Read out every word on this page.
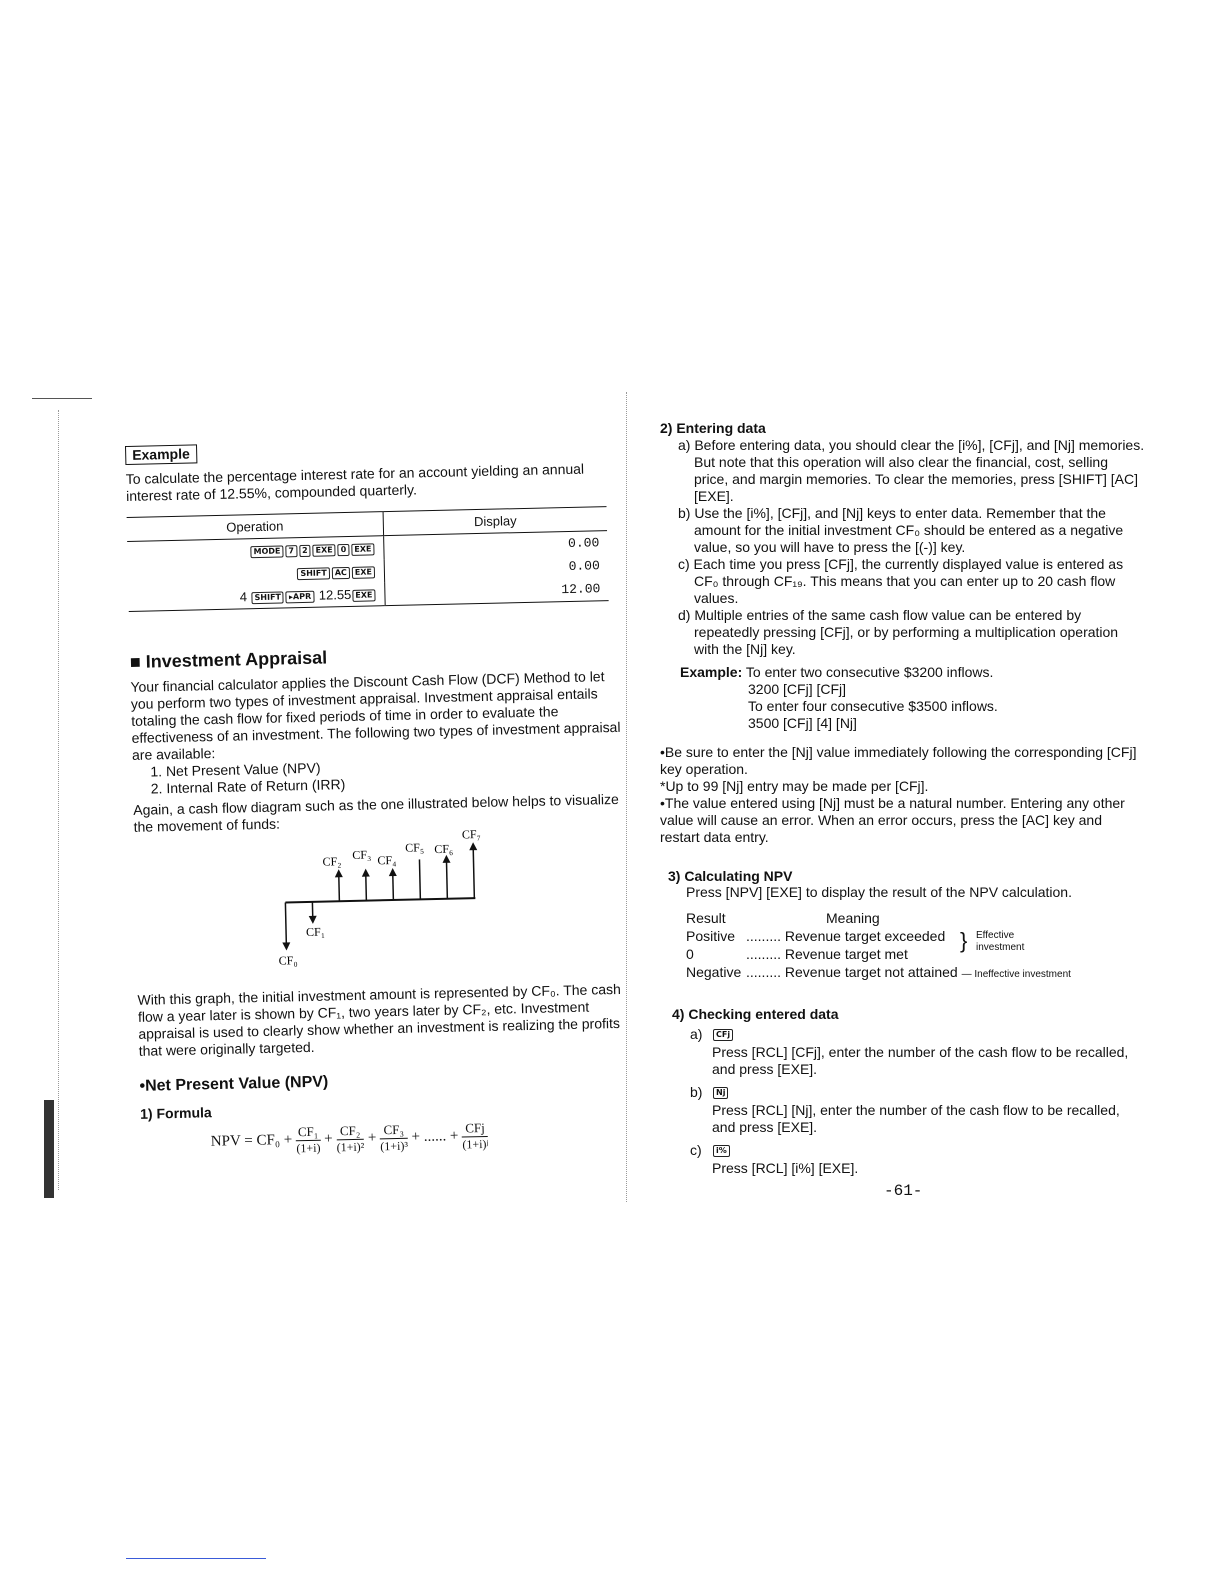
Example
To calculate the percentage interest rate for an account yielding an annual interest rate of 12.55%, compounded quarterly.
Operation	Display
MODE 7 2 EXE 0 EXE	0.00
SHIFT AC EXE	0.00
4 SHIFT ▸APR 12.55 EXE	12.00
■ Investment Appraisal
Your financial calculator applies the Discount Cash Flow (DCF) Method to let you perform two types of investment appraisal. Investment appraisal entails totaling the cash flow for fixed periods of time in order to evaluate the effectiveness of an investment. The following two types of investment appraisal are available:
1. Net Present Value (NPV)
2. Internal Rate of Return (IRR)
Again, a cash flow diagram such as the one illustrated below helps to visualize the movement of funds:
CF₀
CF₁
CF₂ CF₃ CF₄
CF₅ CF₆
CF₇
With this graph, the initial investment amount is represented by CF₀. The cash flow a year later is shown by CF₁, two years later by CF₂, etc. Investment appraisal is used to clearly show whether an investment is realizing the profits that were originally targeted.
•Net Present Value (NPV)
1) Formula
NPV = $CF_0 + \frac{\text{CF₁}}{(1+i)} + \frac{\text{CF₂}}{\text{(1+i)²}} + \frac{\text{CF₃}}{\text{(1+i)³}}$ + ...... + $\frac{\text{CFj}}{\text{(1+i)ʲ}}$
2) Entering data
a) Before entering data, you should clear the [i%], [CFj], and [Nj] memories. But note that this operation will also clear the financial, cost, selling price, and margin memories. To clear the memories, press [SHIFT] [AC] [EXE].
b) Use the [i%], [CFj], and [Nj] keys to enter data. Remember that the amount for the initial investment CF₀ should be entered as a negative value, so you will have to press the [(-)] key.
c) Each time you press [CFj], the currently displayed value is entered as CF₀ through CF₁₉. This means that you can enter up to 20 cash flow values.
d) Multiple entries of the same cash flow value can be entered by repeatedly pressing [CFj], or by performing a multiplication operation with the [Nj] key.
Example: To enter two consecutive $3200 inflows.
3200 [CFj] [CFj]
To enter four consecutive $3500 inflows.
3500 [CFj] [4] [Nj]
•Be sure to enter the [Nj] value immediately following the corresponding [CFj] key operation.
*Up to 99 [Nj] entry may be made per [CFj].
•The value entered using [Nj] must be a natural number. Entering any other value will cause an error. When an error occurs, press the [AC] key and restart data entry.
3) Calculating NPV
Press [NPV] [EXE] to display the result of the NPV calculation.
Result	Meaning
Positive ......... Revenue target exceeded
0	......... Revenue target met
Negative ......... Revenue target not attained — Ineffective investment
} Effective investment
4) Checking entered data
a) CFj
Press [RCL] [CFj], enter the number of the cash flow to be recalled, and press [EXE].
b) Nj
Press [RCL] [Nj], enter the number of the cash flow to be recalled, and press [EXE].
c) i%
Press [RCL] [i%] [EXE].
-61-
